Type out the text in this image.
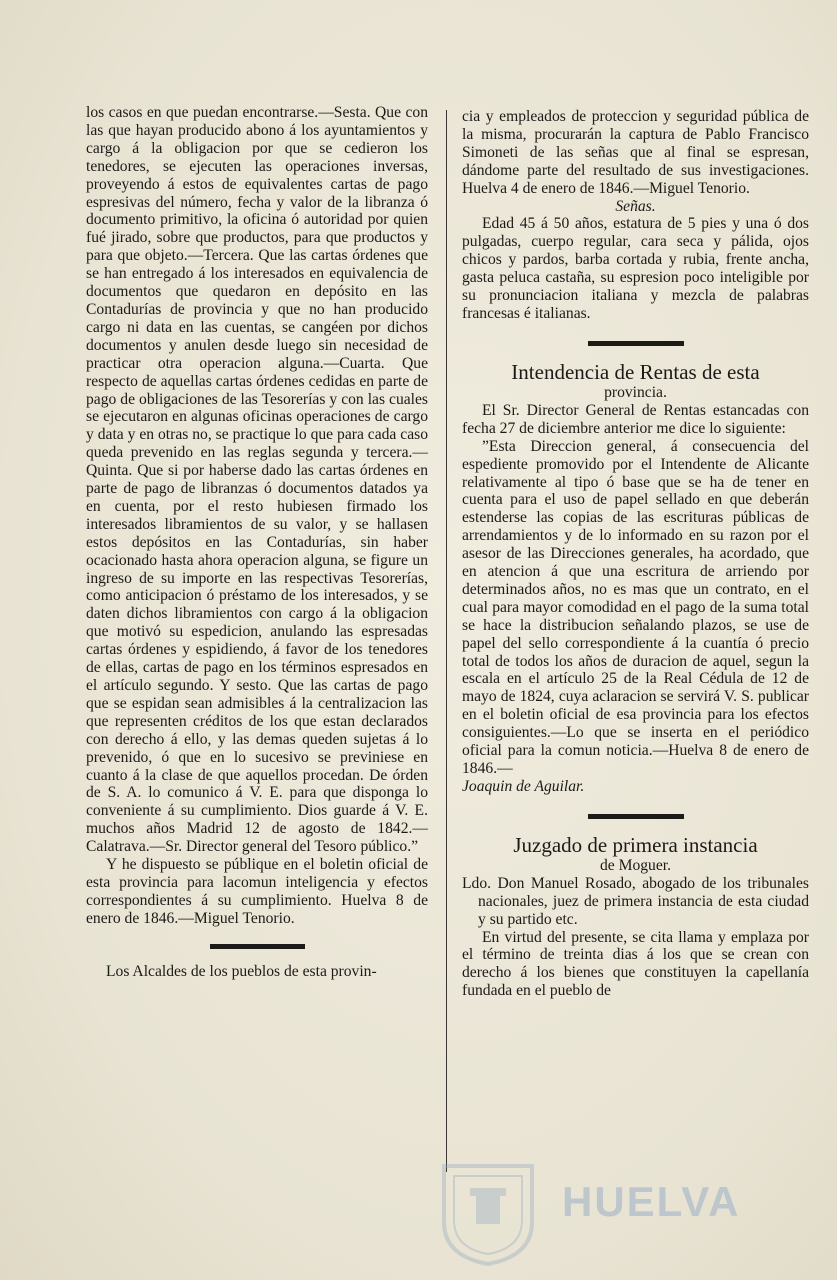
los casos en que puedan encontrarse.—Sesta. Que con las que hayan producido abono á los ayuntamientos y cargo á la obligacion por que se cedieron los tenedores, se ejecuten las operaciones inversas, proveyendo á estos de equivalentes cartas de pago espresivas del número, fecha y valor de la libranza ó documento primitivo, la oficina ó autoridad por quien fué jirado, sobre que productos, para que productos y para que objeto.—Tercera. Que las cartas órdenes que se han entregado á los interesados en equivalencia de documentos que quedaron en depósito en las Contadurías de provincia y que no han producido cargo ni data en las cuentas, se cangéen por dichos documentos y anulen desde luego sin necesidad de practicar otra operacion alguna.—Cuarta. Que respecto de aquellas cartas órdenes cedidas en parte de pago de obligaciones de las Tesorerías y con las cuales se ejecutaron en algunas oficinas operaciones de cargo y data y en otras no, se practique lo que para cada caso queda prevenido en las reglas segunda y tercera.—Quinta. Que si por haberse dado las cartas órdenes en parte de pago de libranzas ó documentos datados ya en cuenta, por el resto hubiesen firmado los interesados libramientos de su valor, y se hallasen estos depósitos en las Contadurías, sin haber ocacionado hasta ahora operacion alguna, se figure un ingreso de su importe en las respectivas Tesorerías, como anticipacion ó préstamo de los interesados, y se daten dichos libramientos con cargo á la obligacion que motivó su espedicion, anulando las espresadas cartas órdenes y espidiendo, á favor de los tenedores de ellas, cartas de pago en los términos espresados en el artículo segundo. Y sesto. Que las cartas de pago que se espidan sean admisibles á la centralizacion las que representen créditos de los que estan declarados con derecho á ello, y las demas queden sujetas á lo prevenido, ó que en lo sucesivo se previniese en cuanto á la clase de que aquellos procedan. De órden de S. A. lo comunico á V. E. para que disponga lo conveniente á su cumplimiento. Dios guarde á V. E. muchos años Madrid 12 de agosto de 1842.—Calatrava.—Sr. Director general del Tesoro público.”

Y he dispuesto se públique en el boletin oficial de esta provincia para lacomun inteligencia y efectos correspondientes á su cumplimiento. Huelva 8 de enero de 1846.—Miguel Tenorio.

Los Alcaldes de los pueblos de esta provin-

cia y empleados de proteccion y seguridad pública de la misma, procurarán la captura de Pablo Francisco Simoneti de las señas que al final se espresan, dándome parte del resultado de sus investigaciones. Huelva 4 de enero de 1846.—Miguel Tenorio.

Señas.

Edad 45 á 50 años, estatura de 5 pies y una ó dos pulgadas, cuerpo regular, cara seca y pálida, ojos chicos y pardos, barba cortada y rubia, frente ancha, gasta peluca castaña, su espresion poco inteligible por su pronunciacion italiana y mezcla de palabras francesas é italianas.

Intendencia de Rentas de esta

provincia.

El Sr. Director General de Rentas estancadas con fecha 27 de diciembre anterior me dice lo siguiente:

”Esta Direccion general, á consecuencia del espediente promovido por el Intendente de Alicante relativamente al tipo ó base que se ha de tener en cuenta para el uso de papel sellado en que deberán estenderse las copias de las escrituras públicas de arrendamientos y de lo informado en su razon por el asesor de las Direcciones generales, ha acordado, que en atencion á que una escritura de arriendo por determinados años, no es mas que un contrato, en el cual para mayor comodidad en el pago de la suma total se hace la distribucion señalando plazos, se use de papel del sello correspondiente á la cuantía ó precio total de todos los años de duracion de aquel, segun la escala en el artículo 25 de la Real Cédula de 12 de mayo de 1824, cuya aclaracion se servirá V. S. publicar en el boletin oficial de esa provincia para los efectos consiguientes.—Lo que se inserta en el periódico oficial para la comun noticia.—Huelva 8 de enero de 1846.—

Joaquin de Aguilar.

Juzgado de primera instancia

de Moguer.

Ldo. Don Manuel Rosado, abogado de los tribunales nacionales, juez de primera instancia de esta ciudad y su partido etc.

En virtud del presente, se cita llama y emplaza por el término de treinta dias á los que se crean con derecho á los bienes que constituyen la capellanía fundada en el pueblo de

HUELVA
